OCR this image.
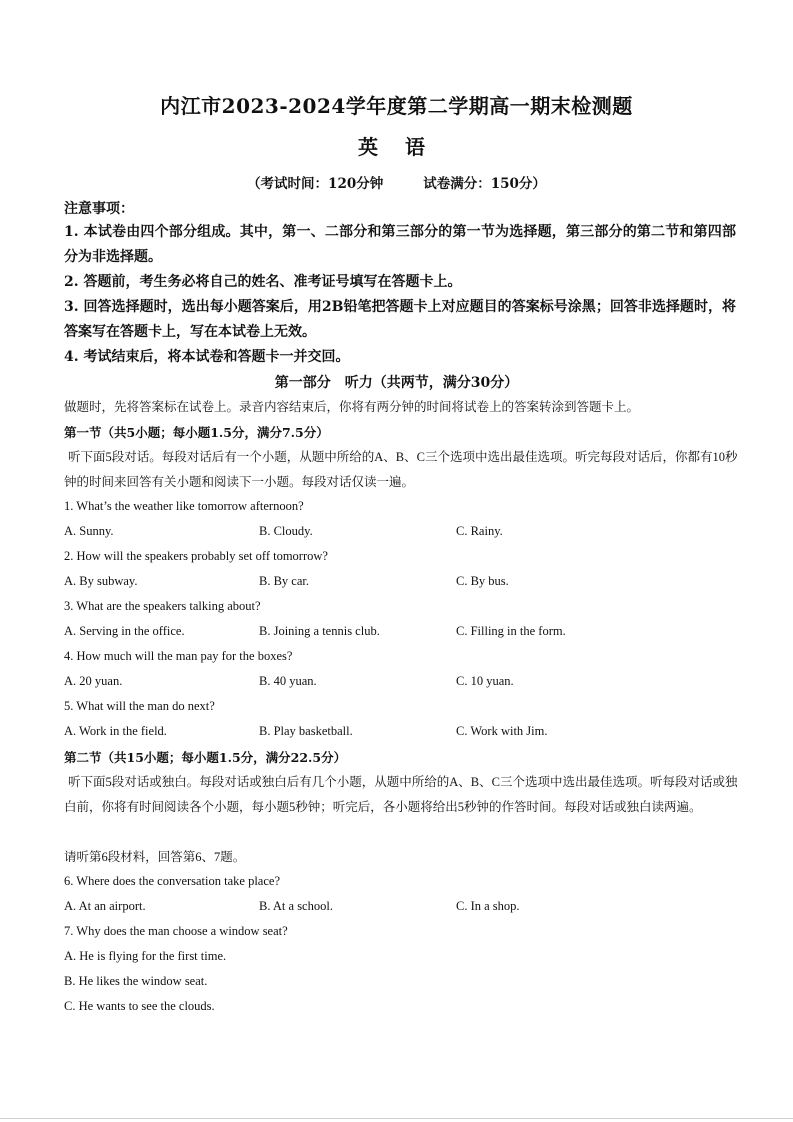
内江市2023-2024学年度第二学期高一期末检测题
英 语
（考试时间：120分钟	试卷满分：150分）
注意事项：
1. 本试卷由四个部分组成。其中，第一、二部分和第三部分的第一节为选择题，第三部分的第二节和第四部分为非选择题。
2. 答题前，考生务必将自己的姓名、准考证号填写在答题卡上。
3. 回答选择题时，选出每小题答案后，用2B铅笔把答题卡上对应题目的答案标号涂黑；回答非选择题时，将答案写在答题卡上，写在本试卷上无效。
4. 考试结束后，将本试卷和答题卡一并交回。
第一部分　听力（共两节，满分30分）
做题时，先将答案标在试卷上。录音内容结束后，你将有两分钟的时间将试卷上的答案转涂到答题卡上。
第一节（共5小题；每小题1.5分，满分7.5分）
听下面5段对话。每段对话后有一个小题，从题中所给的A、B、C三个选项中选出最佳选项。听完每段对话后，你都有10秒钟的时间来回答有关小题和阅读下一小题。每段对话仅读一遍。
1. What’s the weather like tomorrow afternoon?
A. Sunny.	B. Cloudy.	C. Rainy.
2. How will the speakers probably set off tomorrow?
A. By subway.	B. By car.	C. By bus.
3. What are the speakers talking about?
A. Serving in the office.	B. Joining a tennis club.	C. Filling in the form.
4. How much will the man pay for the boxes?
A. 20 yuan.	B. 40 yuan.	C. 10 yuan.
5. What will the man do next?
A. Work in the field.	B. Play basketball.	C. Work with Jim.
第二节（共15小题；每小题1.5分，满分22.5分）
听下面5段对话或独白。每段对话或独白后有几个小题，从题中所给的A、B、C三个选项中选出最佳选项。听每段对话或独白前，你将有时间阅读各个小题，每小题5秒钟；听完后，各小题将给出5秒钟的作答时间。每段对话或独白读两遍。
请听第6段材料，回答第6、7题。
6. Where does the conversation take place?
A. At an airport.	B. At a school.	C. In a shop.
7. Why does the man choose a window seat?
A. He is flying for the first time.
B. He likes the window seat.
C. He wants to see the clouds.
